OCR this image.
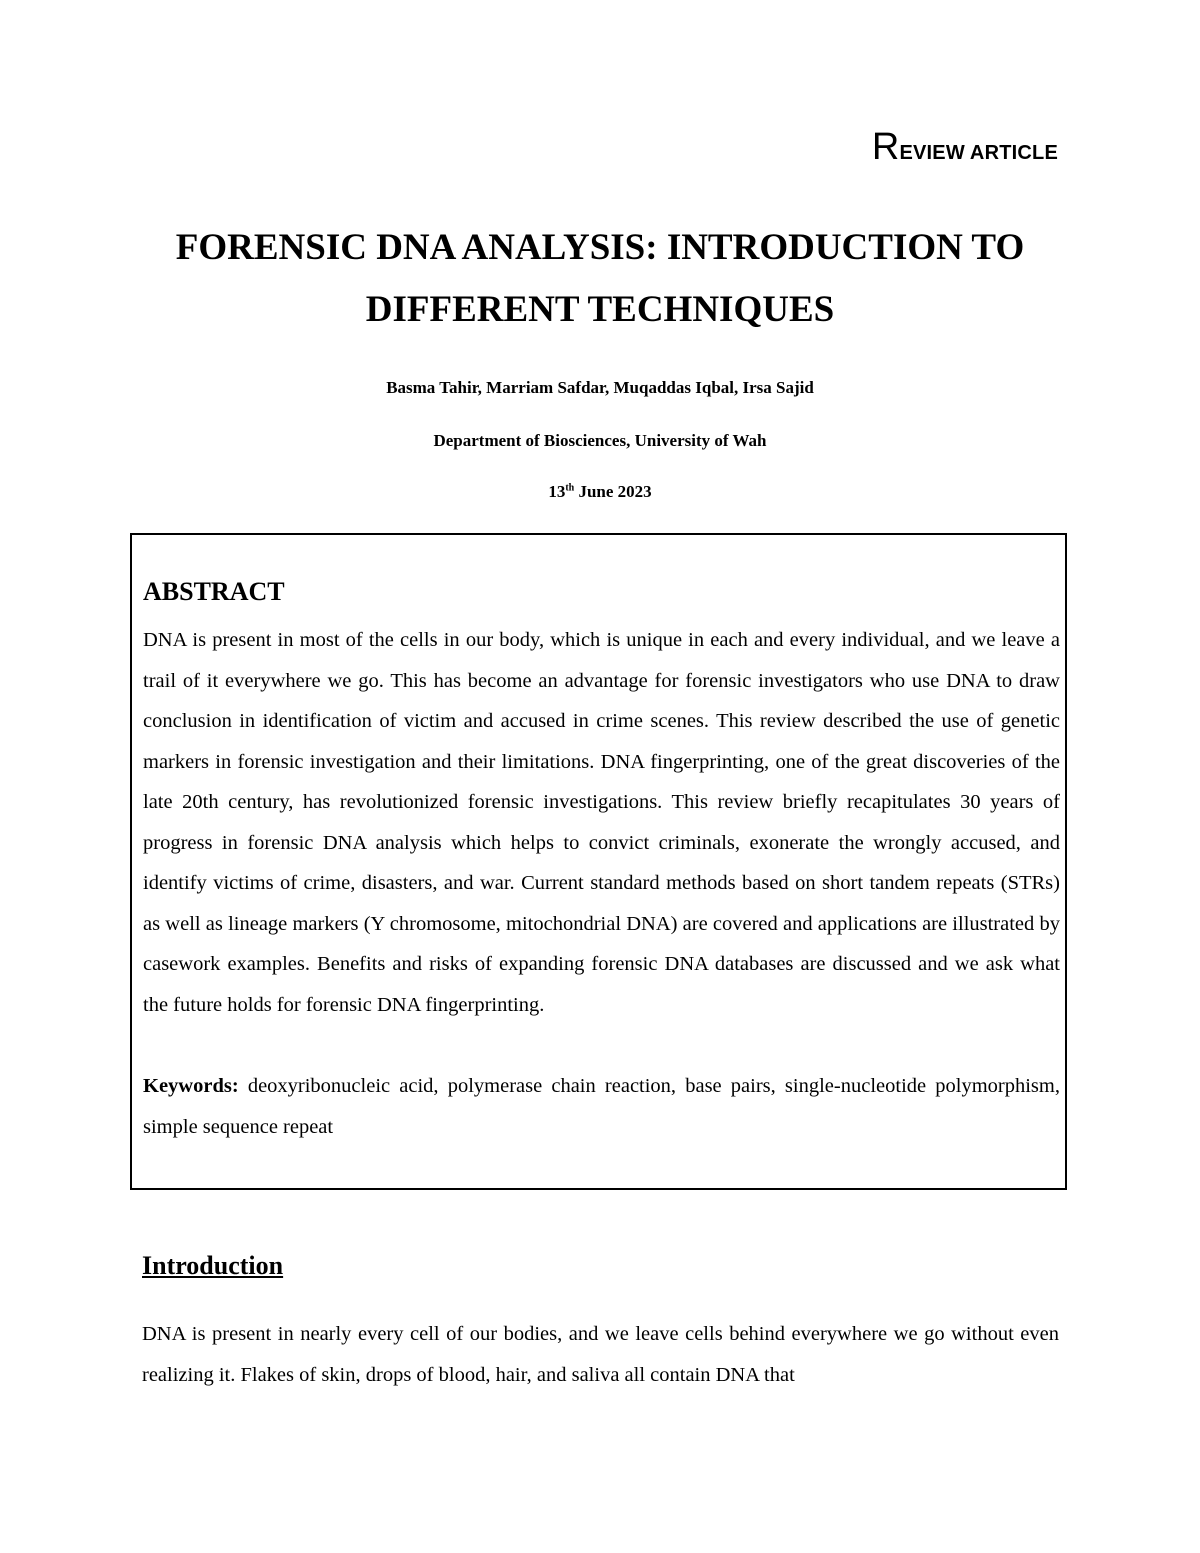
REVIEW ARTICLE
FORENSIC DNA ANALYSIS: INTRODUCTION TO
DIFFERENT TECHNIQUES
Basma Tahir, Marriam Safdar, Muqaddas Iqbal, Irsa Sajid
Department of Biosciences, University of Wah
13th June 2023
ABSTRACT

DNA is present in most of the cells in our body, which is unique in each and every individual, and we leave a trail of it everywhere we go. This has become an advantage for forensic investigators who use DNA to draw conclusion in identification of victim and accused in crime scenes. This review described the use of genetic markers in forensic investigation and their limitations. DNA fingerprinting, one of the great discoveries of the late 20th century, has revolutionized forensic investigations. This review briefly recapitulates 30 years of progress in forensic DNA analysis which helps to convict criminals, exonerate the wrongly accused, and identify victims of crime, disasters, and war. Current standard methods based on short tandem repeats (STRs) as well as lineage markers (Y chromosome, mitochondrial DNA) are covered and applications are illustrated by casework examples. Benefits and risks of expanding forensic DNA databases are discussed and we ask what the future holds for forensic DNA fingerprinting.

Keywords: deoxyribonucleic acid, polymerase chain reaction, base pairs, single-nucleotide polymorphism, simple sequence repeat

Introduction

DNA is present in nearly every cell of our bodies, and we leave cells behind everywhere we go without even realizing it. Flakes of skin, drops of blood, hair, and saliva all contain DNA that
